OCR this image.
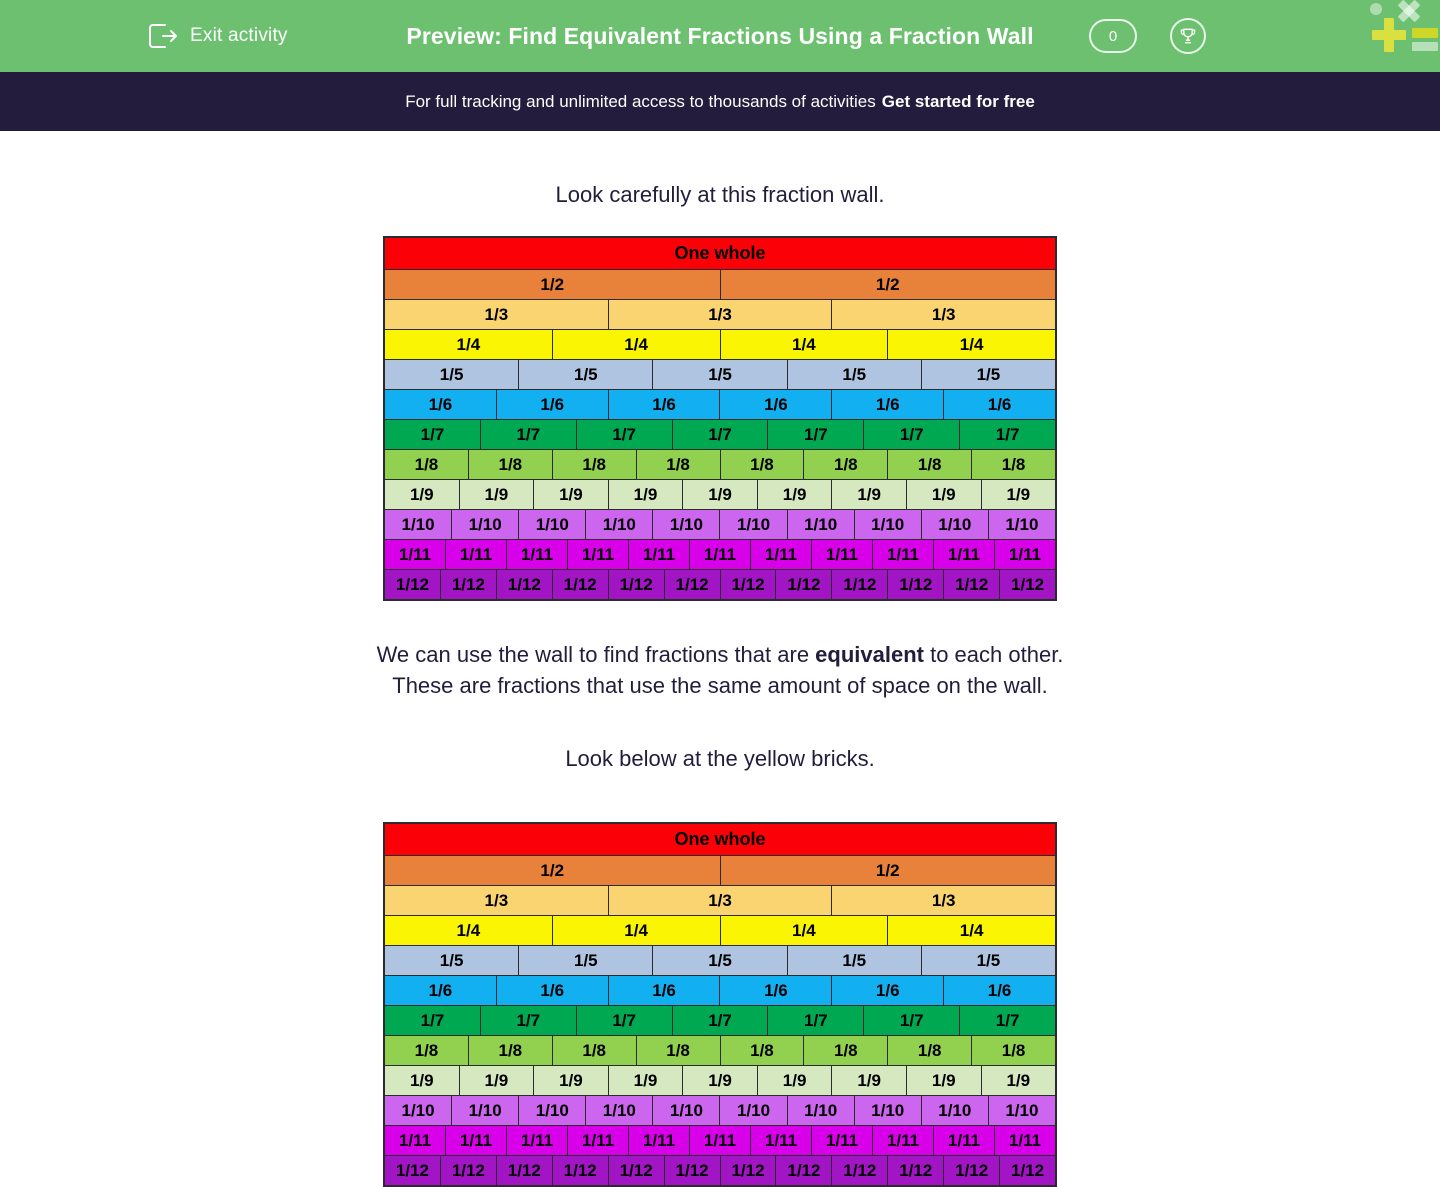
Exit activity	Preview: Find Equivalent Fractions Using a Fraction Wall	0
For full tracking and unlimited access to thousands of activities Get started for free
Look carefully at this fraction wall.
One whole
1/2	1/2
1/3	1/3	1/3
1/4	1/4	1/4	1/4
1/5	1/5	1/5	1/5	1/5
1/6	1/6	1/6	1/6	1/6	1/6
1/7	1/7	1/7	1/7	1/7	1/7	1/7
1/8	1/8	1/8	1/8	1/8	1/8	1/8	1/8
1/9	1/9	1/9	1/9	1/9	1/9	1/9	1/9	1/9
1/10	1/10	1/10	1/10	1/10	1/10	1/10	1/10	1/10	1/10
1/11	1/11	1/11	1/11	1/11	1/11	1/11	1/11	1/11	1/11	1/11
1/12	1/12	1/12	1/12	1/12	1/12	1/12	1/12	1/12	1/12	1/12	1/12
We can use the wall to find fractions that are equivalent to each other.
These are fractions that use the same amount of space on the wall.
Look below at the yellow bricks.
One whole
1/2	1/2
1/3	1/3	1/3
1/4	1/4	1/4	1/4
1/5	1/5	1/5	1/5	1/5
1/6	1/6	1/6	1/6	1/6	1/6
1/7	1/7	1/7	1/7	1/7	1/7	1/7
1/8	1/8	1/8	1/8	1/8	1/8	1/8	1/8
1/9	1/9	1/9	1/9	1/9	1/9	1/9	1/9	1/9
1/10	1/10	1/10	1/10	1/10	1/10	1/10	1/10	1/10	1/10
1/11	1/11	1/11	1/11	1/11	1/11	1/11	1/11	1/11	1/11	1/11
1/12	1/12	1/12	1/12	1/12	1/12	1/12	1/12	1/12	1/12	1/12	1/12
